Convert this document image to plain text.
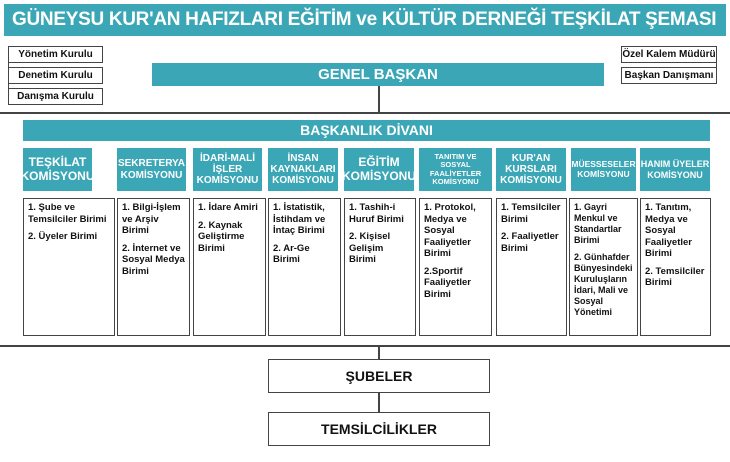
GÜNEYSU KUR'AN HAFIZLARI EĞİTİM ve KÜLTÜR DERNEĞİ TEŞKİLAT ŞEMASI
GENEL BAŞKAN
Yönetim Kurulu
Denetim Kurulu
Danışma Kurulu
Özel Kalem Müdürü
Başkan Danışmanı
BAŞKANLIK DİVANI
TEŞKİLAT
KOMİSYONU
SEKRETERYA
KOMİSYONU
İDARİ-MALİ
İŞLER
KOMİSYONU
İNSAN
KAYNAKLARI
KOMİSYONU
EĞİTİM
KOMİSYONU
TANITIM VE SOSYAL
FAALİYETLER
KOMİSYONU
KUR'AN
KURSLARI
KOMİSYONU
MÜESSESELER
KOMİSYONU
HANIM ÜYELER
KOMİSYONU
1. Şube ve Temsilciler Birimi
2. Üyeler Birimi
1. Bilgi-İşlem ve Arşiv Birimi
2. İnternet ve Sosyal Medya Birimi
1. İdare Amiri
2. Kaynak Geliştirme Birimi
1. İstatistik, İstihdam ve İntaç Birimi
2. Ar-Ge Birimi
1. Tashih-i Huruf Birimi
2. Kişisel Gelişim Birimi
1. Protokol, Medya ve Sosyal Faaliyetler Birimi
2.Sportif Faaliyetler Birimi
1. Temsilciler Birimi
2. Faaliyetler Birimi
1. Gayri Menkul ve Standartlar Birimi
2. Günhafder Bünyesindeki Kuruluşların İdari, Mali ve Sosyal Yönetimi
1. Tanıtım, Medya ve Sosyal Faaliyetler Birimi
2. Temsilciler Birimi
ŞUBELER
TEMSİLCİLİKLER
